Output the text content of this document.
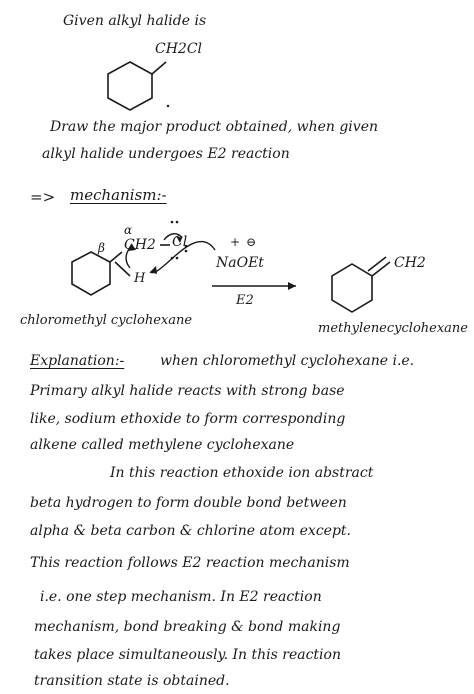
Given alkyl halide is
CH2Cl
Draw the major product obtained, when given
alkyl halide undergoes E2 reaction
=> mechanism:-
α
β CH2 Cl
H
+ ⊖
NaOEt
E2
CH2
chloromethyl cyclohexane
methylenecyclohexane
Explanation:-	when chloromethyl cyclohexane i.e.
Primary alkyl halide reacts with strong base
like, sodium ethoxide to form corresponding
alkene called methylene cyclohexane
In this reaction ethoxide ion abstract
beta hydrogen to form double bond between
alpha & beta carbon & chlorine atom except.
This reaction follows E2 reaction mechanism
i.e. one step mechanism. In E2 reaction
mechanism, bond breaking & bond making
takes place simultaneously. In this reaction
transition state is obtained.
